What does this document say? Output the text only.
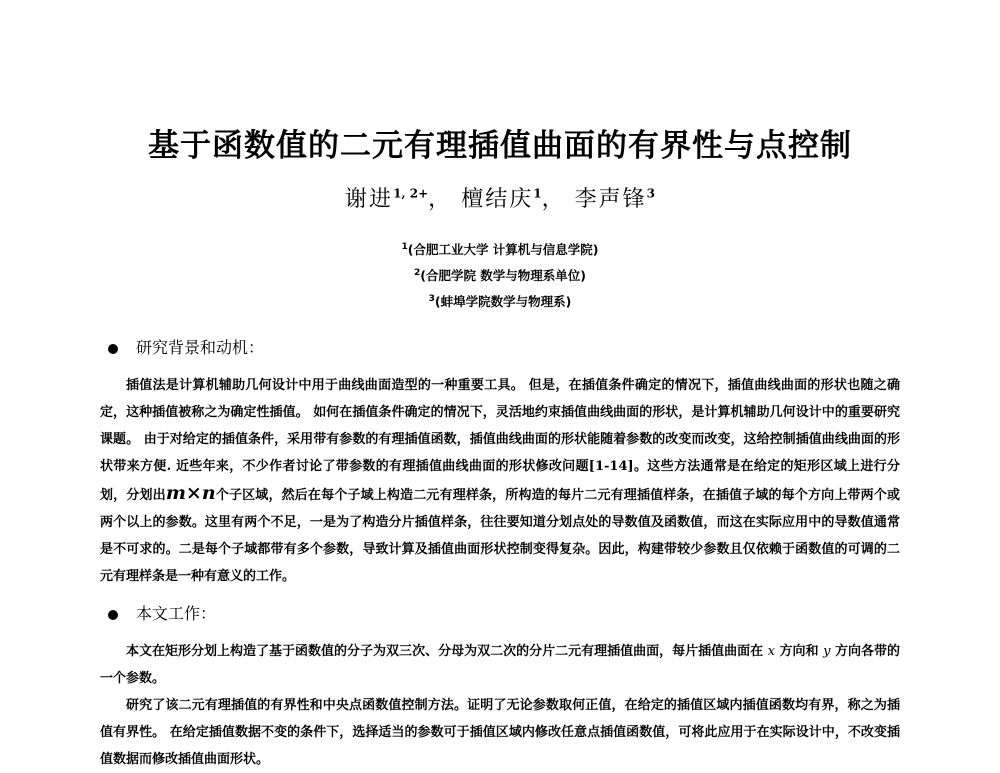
基于函数值的二元有理插值曲面的有界性与点控制
谢进$^{1, 2+}$， 檀结庆$^1$， 李声锋$^3$
$^1$(合肥工业大学 计算机与信息学院)
$^2$(合肥学院 数学与物理系单位)
$^3$(蚌埠学院数学与物理系)
研究背景和动机：

插值法是计算机辅助几何设计中用于曲线曲面造型的一种重要工具。 但是，在插值条件确定的情况下，插值曲线曲面的形状也随之确定，这种插值被称之为确定性插值。 如何在插值条件确定的情况下，灵活地约束插值曲线曲面的形状，是计算机辅助几何设计中的重要研究课题。 由于对给定的插值条件，采用带有参数的有理插值函数，插值曲线曲面的形状能随着参数的改变而改变，这给控制插值曲线曲面的形状带来方便. 近些年来，不少作者讨论了带参数的有理插值曲线曲面的形状修改问题[1-14]。这些方法通常是在给定的矩形区域上进行分划，分划出m×n个子区域，然后在每个子域上构造二元有理样条，所构造的每片二元有理插值样条，在插值子域的每个方向上带两个或两个以上的参数。这里有两个不足，一是为了构造分片插值样条，往往要知道分划点处的导数值及函数值，而这在实际应用中的导数值通常是不可求的。二是每个子域都带有多个参数，导致计算及插值曲面形状控制变得复杂。因此，构建带较少参数且仅依赖于函数值的可调的二元有理样条是一种有意义的工作。

本文工作：

本文在矩形分划上构造了基于函数值的分子为双三次、分母为双二次的分片二元有理插值曲面，每片插值曲面在 x 方向和 y 方向各带的一个参数。

研究了该二元有理插值的有界性和中央点函数值控制方法。证明了无论参数取何正值，在给定的插值区域内插值函数均有界，称之为插值有界性。 在给定插值数据不变的条件下，选择适当的参数可于插值区域内修改任意点插值函数值，可将此应用于在实际设计中，不改变插值数据而修改插值曲面形状。
